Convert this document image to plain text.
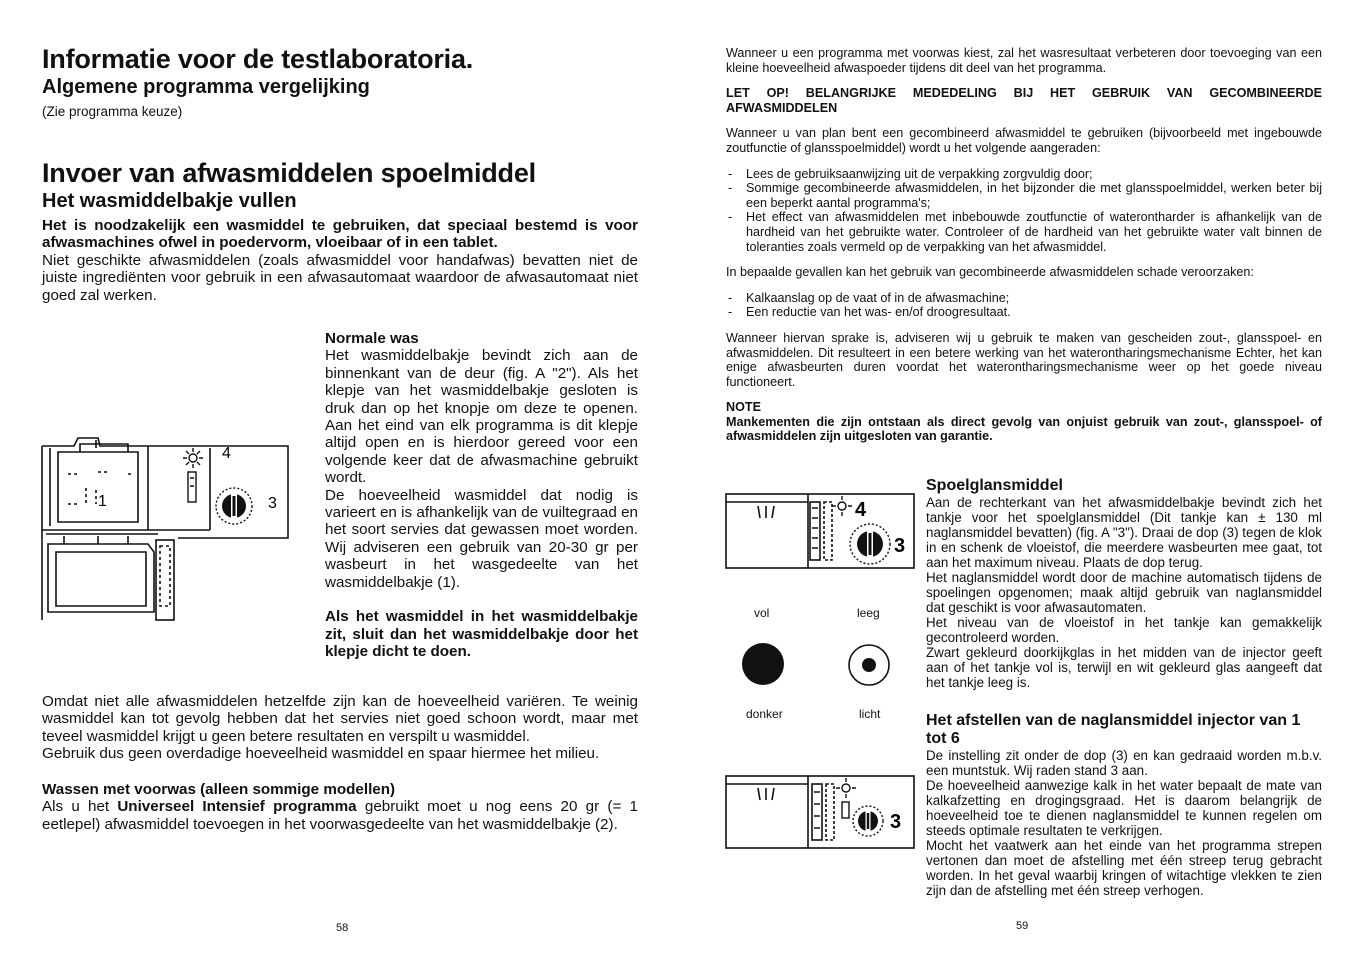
Informatie voor de testlaboratoria.
Algemene programma vergelijking

(Zie programma keuze)

Invoer van afwasmiddelen spoelmiddel
Het wasmiddelbakje vullen

Het is noodzakelijk een wasmiddel te gebruiken, dat speciaal bestemd is voor afwasmachines ofwel in poedervorm, vloeibaar of in een tablet.

Niet geschikte afwasmiddelen (zoals afwasmiddel voor handafwas) bevatten niet de juiste ingrediënten voor gebruik in een afwasautomaat waardoor de afwasautomaat niet goed zal werken.

4
3
1

Normale was

Het wasmiddelbakje bevindt zich aan de binnenkant van de deur (fig. A "2"). Als het klepje van het wasmiddelbakje gesloten is druk dan op het knopje om deze te openen. Aan het eind van elk programma is dit klepje altijd open en is hierdoor gereed voor een volgende keer dat de afwasmachine gebruikt wordt.

De hoeveelheid wasmiddel dat nodig is varieert en is afhankelijk van de vuiltegraad en het soort servies dat gewassen moet worden. Wij adviseren een gebruik van 20-30 gr per wasbeurt in het wasgedeelte van het wasmiddelbakje (1).

Als het wasmiddel in het wasmiddelbakje zit, sluit dan het wasmiddelbakje door het klepje dicht te doen.

Omdat niet alle afwasmiddelen hetzelfde zijn kan de hoeveelheid variëren. Te weinig wasmiddel kan tot gevolg hebben dat het servies niet goed schoon wordt, maar met teveel wasmiddel krijgt u geen betere resultaten en verspilt u wasmiddel.

Gebruik dus geen overdadige hoeveelheid wasmiddel en spaar hiermee het milieu.

Wassen met voorwas (alleen sommige modellen)

Als u het Universeel Intensief programma gebruikt moet u nog eens 20 gr (= 1 eetlepel) afwasmiddel toevoegen in het voorwasgedeelte van het wasmiddelbakje (2).

58

Wanneer u een programma met voorwas kiest, zal het wasresultaat verbeteren door toevoeging van een kleine hoeveelheid afwaspoeder tijdens dit deel van het programma.

LET OP! BELANGRIJKE MEDEDELING BIJ HET GEBRUIK VAN GECOMBINEERDE AFWASMIDDELEN

Wanneer u van plan bent een gecombineerd afwasmiddel te gebruiken (bijvoorbeeld met ingebouwde zoutfunctie of glansspoelmiddel) wordt u het volgende aangeraden:

- Lees de gebruiksaanwijzing uit de verpakking zorgvuldig door;
- Sommige gecombineerde afwasmiddelen, in het bijzonder die met glansspoelmiddel, werken beter bij een beperkt aantal programma's;
- Het effect van afwasmiddelen met inbebouwde zoutfunctie of waterontharder is afhankelijk van de hardheid van het gebruikte water. Controleer of de hardheid van het gebruikte water valt binnen de toleranties zoals vermeld op de verpakking van het afwasmiddel.

In bepaalde gevallen kan het gebruik van gecombineerde afwasmiddelen schade veroorzaken:

- Kalkaanslag op de vaat of in de afwasmachine;
- Een reductie van het was- en/of droogresultaat.

Wanneer hiervan sprake is, adviseren wij u gebruik te maken van gescheiden zout-, glansspoel- en afwasmiddelen. Dit resulteert in een betere werking van het waterontharingsmechanisme Echter, het kan enige afwasbeurten duren voordat het waterontharingsmechanisme weer op het goede niveau functioneert.

NOTE

Mankementen die zijn ontstaan als direct gevolg van onjuist gebruik van zout-, glansspoel- of afwasmiddelen zijn uitgesloten van garantie.

4
3
vol	leeg
donker	licht
3
Spoelglansmiddel

Aan de rechterkant van het afwasmiddelbakje bevindt zich het tankje voor het spoelglansmiddel (Dit tankje kan ± 130 ml naglansmiddel bevatten) (fig. A "3"). Draai de dop (3) tegen de klok in en schenk de vloeistof, die meerdere wasbeurten mee gaat, tot aan het maximum niveau. Plaats de dop terug.

Het naglansmiddel wordt door de machine automatisch tijdens de spoelingen opgenomen; maak altijd gebruik van naglansmiddel dat geschikt is voor afwasautomaten.

Het niveau van de vloeistof in het tankje kan gemakkelijk gecontroleerd worden.

Zwart gekleurd doorkijkglas in het midden van de injector geeft aan of het tankje vol is, terwijl en wit gekleurd glas aangeeft dat het tankje leeg is.

Het afstellen van de naglansmiddel injector van 1 tot 6

De instelling zit onder de dop (3) en kan gedraaid worden m.b.v. een muntstuk. Wij raden stand 3 aan.

De hoeveelheid aanwezige kalk in het water bepaalt de mate van kalkafzetting en drogingsgraad. Het is daarom belangrijk de hoeveelheid toe te dienen naglansmiddel te kunnen regelen om steeds optimale resultaten te verkrijgen.

Mocht het vaatwerk aan het einde van het programma strepen vertonen dan moet de afstelling met één streep terug gebracht worden. In het geval waarbij kringen of witachtige vlekken te zien zijn dan de afstelling met één streep verhogen.

59
